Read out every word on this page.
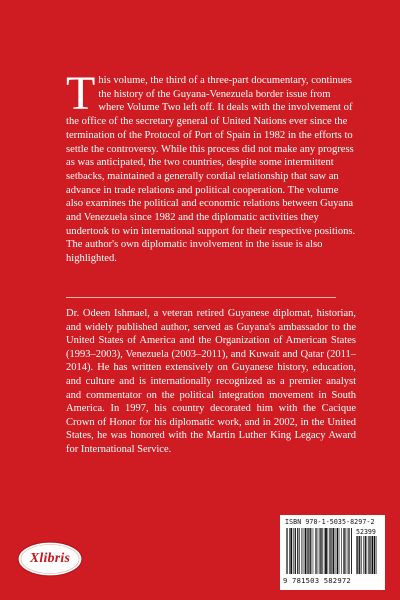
This volume, the third of a three-part documentary, continues the history of the Guyana-Venezuela border issue from where Volume Two left off. It deals with the involvement of the office of the secretary general of United Nations ever since the termination of the Protocol of Port of Spain in 1982 in the efforts to settle the controversy. While this process did not make any progress as was anticipated, the two countries, despite some intermittent setbacks, maintained a generally cordial relationship that saw an advance in trade relations and political cooperation. The volume also examines the political and economic relations between Guyana and Venezuela since 1982 and the diplomatic activities they undertook to win international support for their respective positions. The author's own diplomatic involvement in the issue is also highlighted.
Dr. Odeen Ishmael, a veteran retired Guyanese diplomat, historian, and widely published author, served as Guyana's ambassador to the United States of America and the Organization of American States (1993–2003), Venezuela (2003–2011), and Kuwait and Qatar (2011–2014). He has written extensively on Guyanese history, education, and culture and is internationally recognized as a premier analyst and commentator on the political integration movement in South America. In 1997, his country decorated him with the Cacique Crown of Honor for his diplomatic work, and in 2002, in the United States, he was honored with the Martin Luther King Legacy Award for International Service.
Xlibris
ISBN 978-1-5035-8297-2
52399
9 781503 582972
